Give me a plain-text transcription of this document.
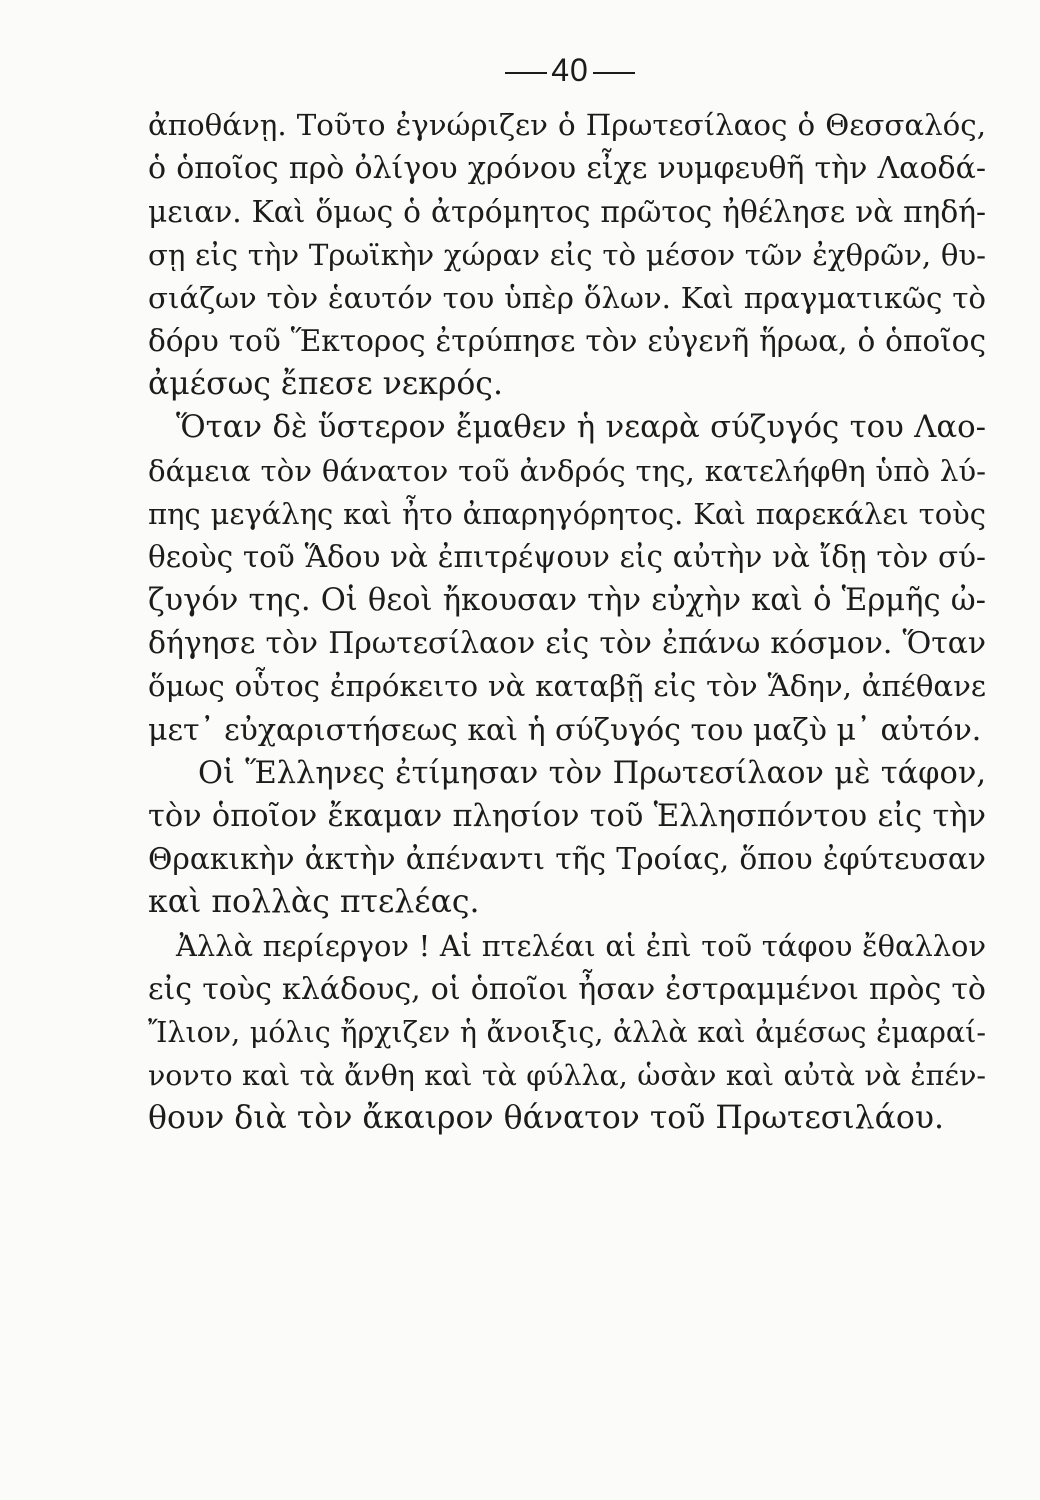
40
ἀποθάνῃ. Τοῦτο ἐγνώριζεν ὁ Πρωτεσίλαος ὁ Θεσσαλός,
ὁ ὁποῖος πρὸ ὀλίγου χρόνου εἶχε νυμφευθῆ τὴν Λαοδά-
μειαν. Καὶ ὅμως ὁ ἀτρόμητος πρῶτος ἠθέλησε νὰ πηδή-
σῃ εἰς τὴν Τρωϊκὴν χώραν εἰς τὸ μέσον τῶν ἐχθρῶν, θυ-
σιάζων τὸν ἑαυτόν του ὑπὲρ ὅλων. Καὶ πραγματικῶς τὸ
δόρυ τοῦ Ἕκτορος ἐτρύπησε τὸν εὐγενῆ ἥρωα, ὁ ὁποῖος
ἀμέσως ἔπεσε νεκρός.
Ὅταν δὲ ὕστερον ἔμαθεν ἡ νεαρὰ σύζυγός του Λαο-
δάμεια τὸν θάνατον τοῦ ἀνδρός της, κατελήφθη ὑπὸ λύ-
πης μεγάλης καὶ ἦτο ἀπαρηγόρητος. Καὶ παρεκάλει τοὺς
θεοὺς τοῦ Ἅδου νὰ ἐπιτρέψουν εἰς αὐτὴν νὰ ἴδῃ τὸν σύ-
ζυγόν της. Οἱ θεοὶ ἤκουσαν τὴν εὐχὴν καὶ ὁ Ἑρμῆς ὠ-
δήγησε τὸν Πρωτεσίλαον εἰς τὸν ἐπάνω κόσμον. Ὅταν
ὅμως οὗτος ἐπρόκειτο νὰ καταβῇ εἰς τὸν Ἅδην, ἀπέθανε
μετ᾽ εὐχαριστήσεως καὶ ἡ σύζυγός του μαζὺ μ᾽ αὐτόν.
Οἱ Ἕλληνες ἐτίμησαν τὸν Πρωτεσίλαον μὲ τάφον,
τὸν ὁποῖον ἔκαμαν πλησίον τοῦ Ἑλλησπόντου εἰς τὴν
Θρακικὴν ἀκτὴν ἀπέναντι τῆς Τροίας, ὅπου ἐφύτευσαν
καὶ πολλὰς πτελέας.
Ἀλλὰ περίεργον ! Αἱ πτελέαι αἱ ἐπὶ τοῦ τάφου ἔθαλλον
εἰς τοὺς κλάδους, οἱ ὁποῖοι ἦσαν ἐστραμμένοι πρὸς τὸ
Ἴλιον, μόλις ἤρχιζεν ἡ ἄνοιξις, ἀλλὰ καὶ ἀμέσως ἐμαραί-
νοντο καὶ τὰ ἄνθη καὶ τὰ φύλλα, ὡσὰν καὶ αὐτὰ νὰ ἐπέν-
θουν διὰ τὸν ἄκαιρον θάνατον τοῦ Πρωτεσιλάου.
